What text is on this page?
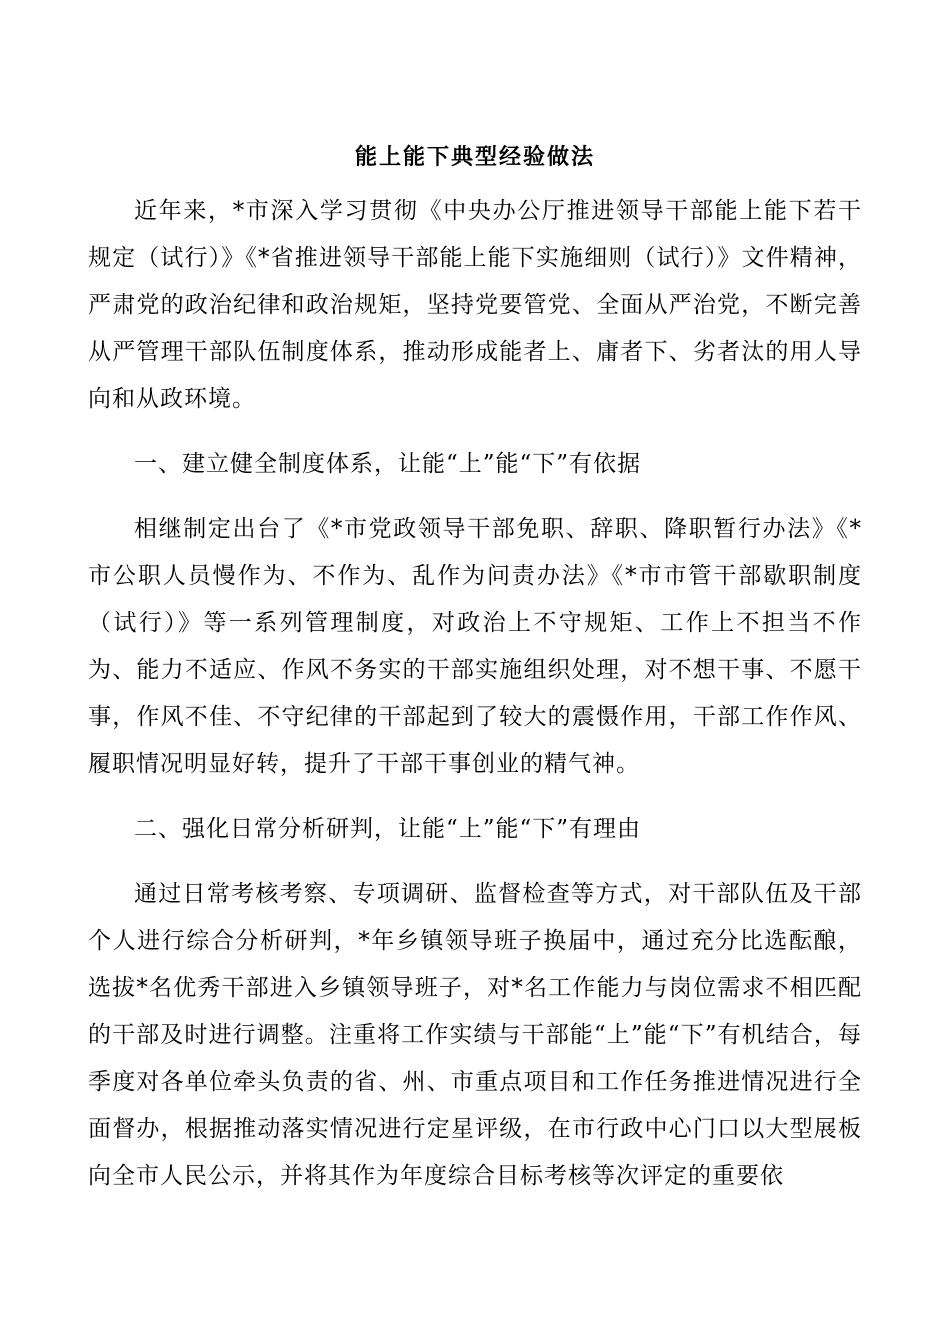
能上能下典型经验做法

近年来，*市深入学习贯彻《中央办公厅推进领导干部能上能下若干规定（试行）》《*省推进领导干部能上能下实施细则（试行）》文件精神，严肃党的政治纪律和政治规矩，坚持党要管党、全面从严治党，不断完善从严管理干部队伍制度体系，推动形成能者上、庸者下、劣者汰的用人导向和从政环境。

一、建立健全制度体系，让能“上”能“下”有依据

相继制定出台了《*市党政领导干部免职、辞职、降职暂行办法》《*市公职人员慢作为、不作为、乱作为问责办法》《*市市管干部歇职制度（试行）》等一系列管理制度，对政治上不守规矩、工作上不担当不作为、能力不适应、作风不务实的干部实施组织处理，对不想干事、不愿干事，作风不佳、不守纪律的干部起到了较大的震慑作用，干部工作作风、履职情况明显好转，提升了干部干事创业的精气神。

二、强化日常分析研判，让能“上”能“下”有理由

通过日常考核考察、专项调研、监督检查等方式，对干部队伍及干部个人进行综合分析研判，*年乡镇领导班子换届中，通过充分比选酝酿，选拔*名优秀干部进入乡镇领导班子，对*名工作能力与岗位需求不相匹配的干部及时进行调整。注重将工作实绩与干部能“上”能“下”有机结合，每季度对各单位牵头负责的省、州、市重点项目和工作任务推进情况进行全面督办，根据推动落实情况进行定星评级，在市行政中心门口以大型展板向全市人民公示，并将其作为年度综合目标考核等次评定的重要依
